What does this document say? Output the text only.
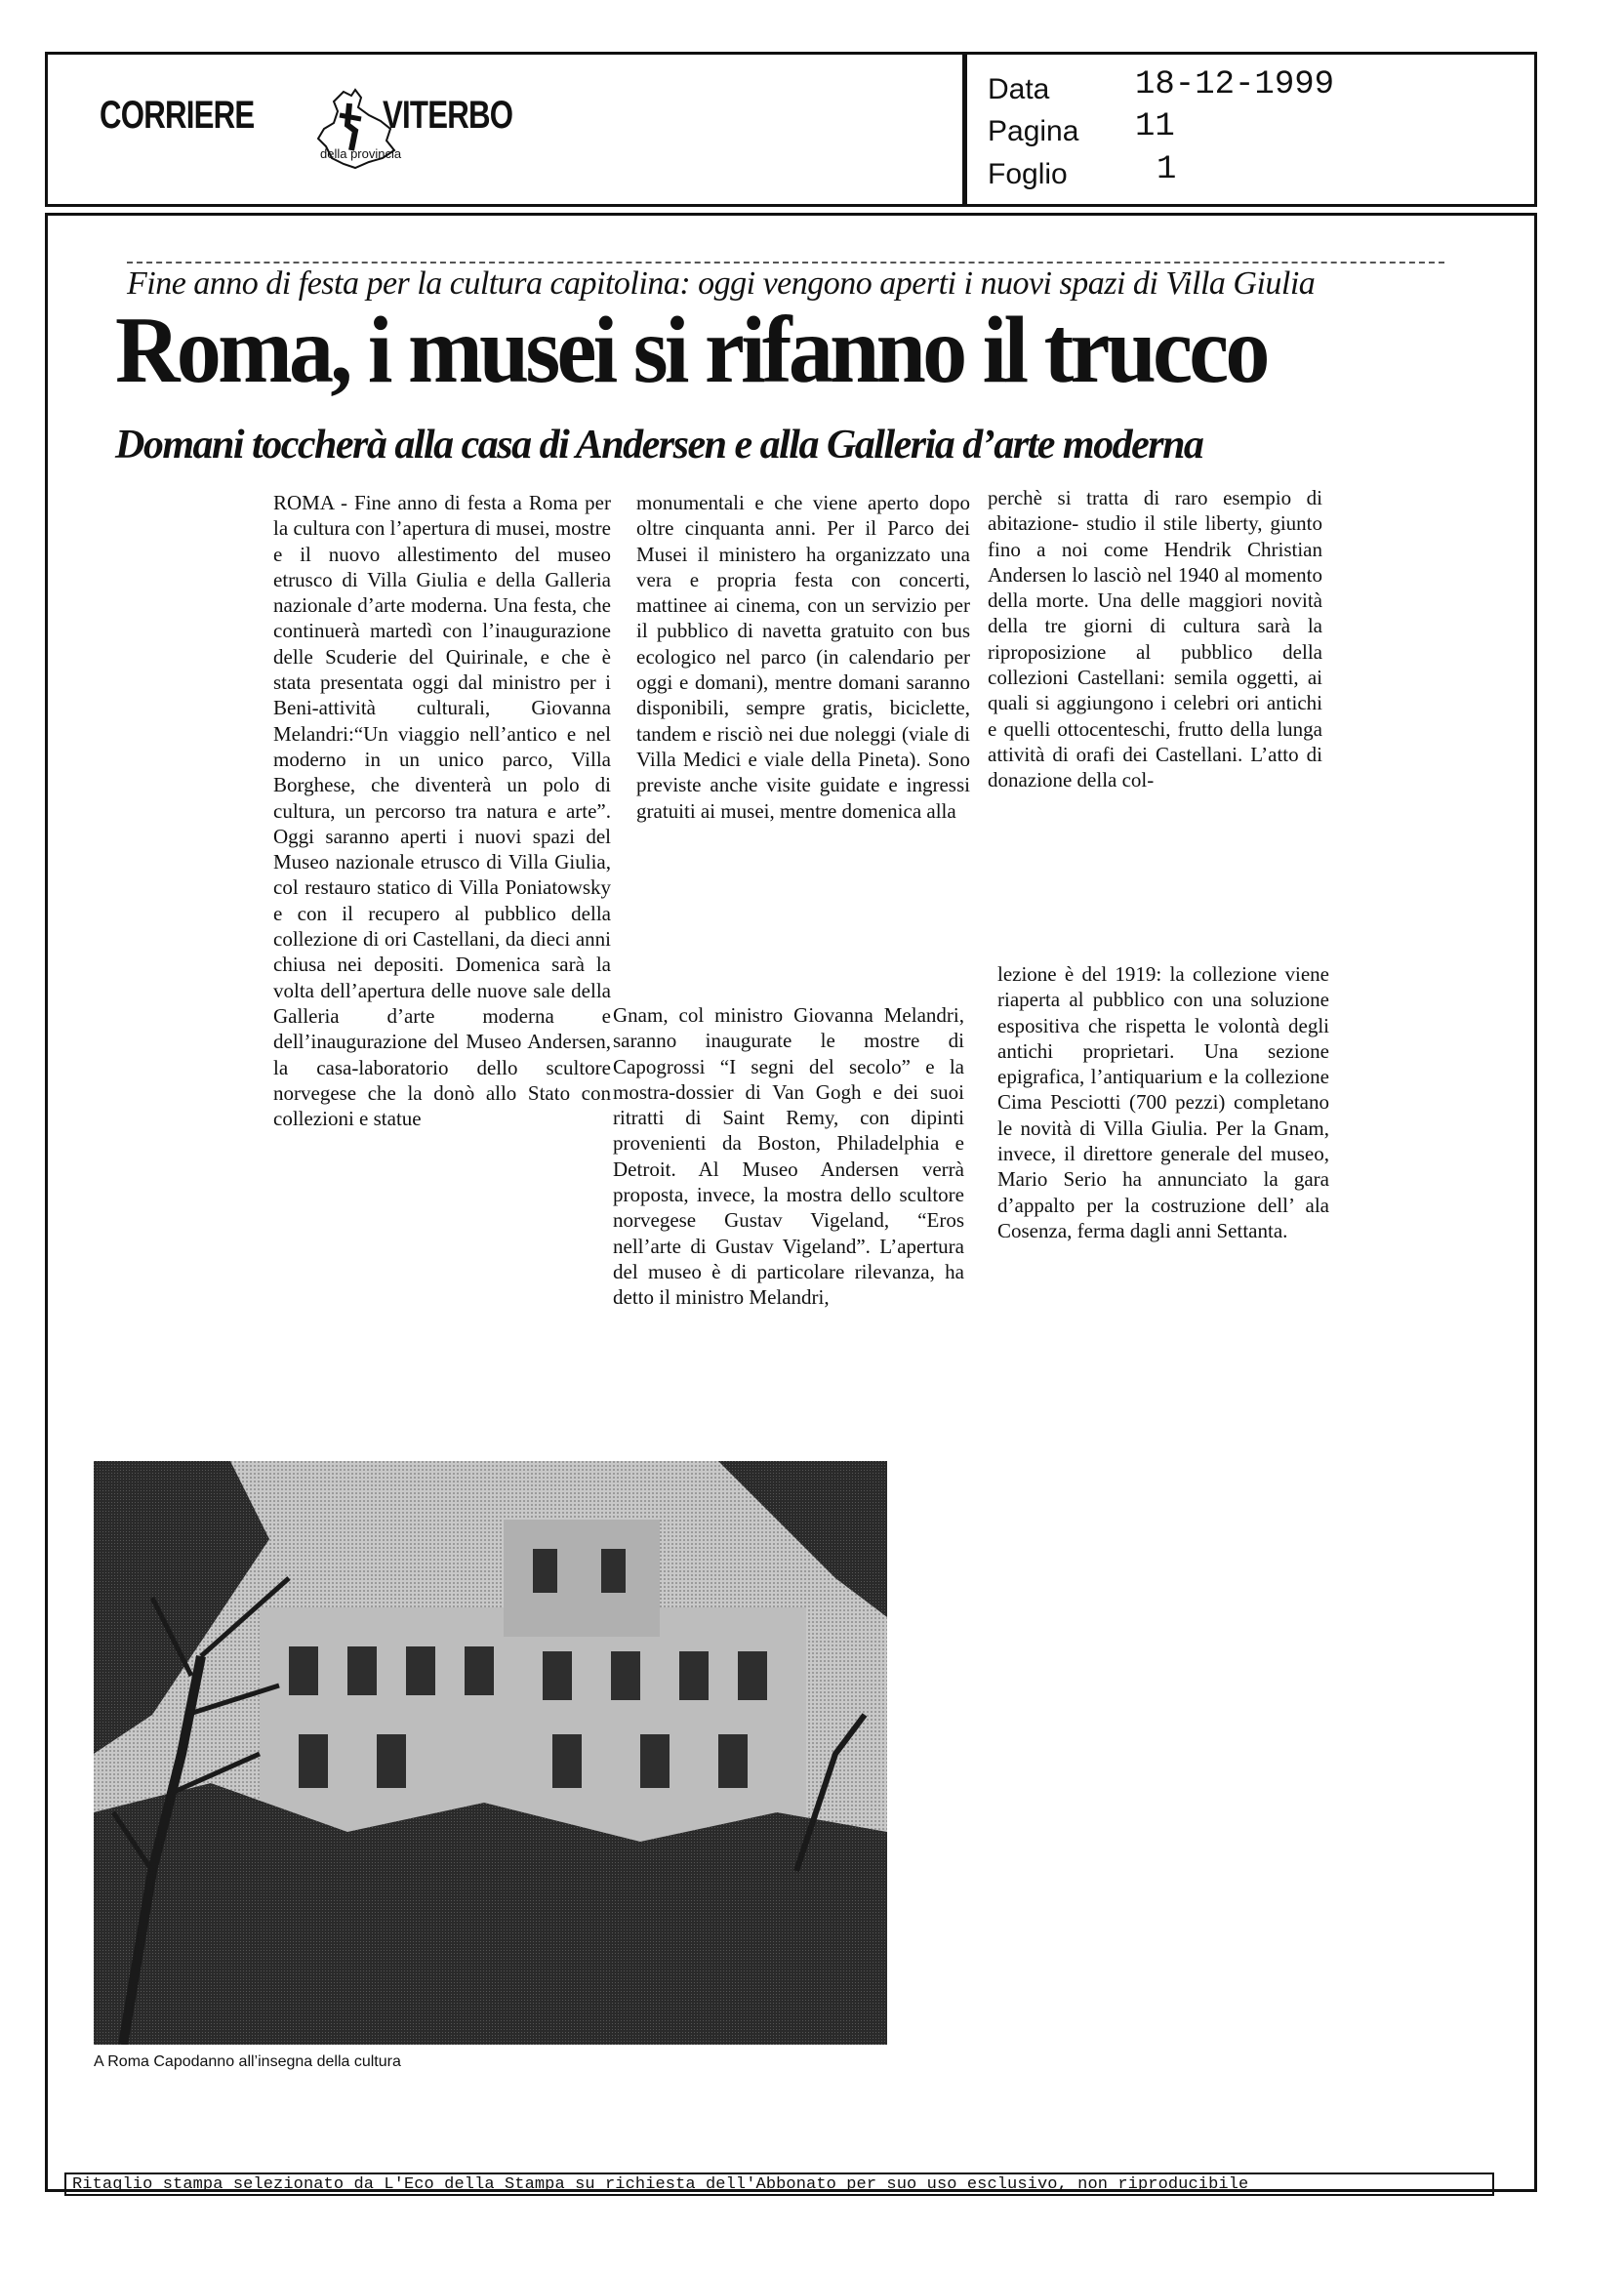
CORRIERE	VITERBO
della provincia
Data	18-12-1999
Pagina 11
Foglio	1
Fine anno di festa per la cultura capitolina: oggi vengono aperti i nuovi spazi di Villa Giulia
Roma, i musei si rifanno il trucco
Domani toccherà alla casa di Andersen e alla Galleria d’arte moderna
ROMA - Fine anno di festa a Roma per la cultura con l’apertura di musei, mostre e il nuovo allestimento del museo etrusco di Villa Giulia e della Galleria nazionale d’arte moderna. Una festa, che continuerà martedì con l’inaugurazione delle Scuderie del Quirinale, e che è stata presentata oggi dal ministro per i Beni-attività culturali, Giovanna Melandri:“Un viaggio nell’antico e nel moderno in un unico parco, Villa Borghese, che diventerà un polo di cultura, un percorso tra natura e arte”. Oggi saranno aperti i nuovi spazi del Museo nazionale etrusco di Villa Giulia, col restauro statico di Villa Poniatowsky e con il recupero al pubblico della collezione di ori Castellani, da dieci anni chiusa nei depositi. Domenica sarà la volta dell’apertura delle nuove sale della Galleria d’arte moderna e dell’inaugurazione del Museo Andersen, la casa-laboratorio dello scultore norvegese che la donò allo Stato con collezioni e statue
monumentali e che viene aperto dopo oltre cinquanta anni. Per il Parco dei Musei il ministero ha organizzato una vera e propria festa con concerti, mattinee ai cinema, con un servizio per il pubblico di navetta gratuito con bus ecologico nel parco (in calendario per oggi e domani), mentre domani saranno disponibili, sempre gratis, biciclette, tandem e risciò nei due noleggi (viale di Villa Medici e viale della Pineta). Sono previste anche visite guidate e ingressi gratuiti ai musei, mentre domenica alla
Gnam, col ministro Giovanna Melandri, saranno inaugurate le mostre di Capogrossi “I segni del secolo” e la mostra-dossier di Van Gogh e dei suoi ritratti di Saint Remy, con dipinti provenienti da Boston, Philadelphia e Detroit. Al Museo Andersen verrà proposta, invece, la mostra dello scultore norvegese Gustav Vigeland, “Eros nell’arte di Gustav Vigeland”. L’apertura del museo è di particolare rilevanza, ha detto il ministro Melandri,
perchè si tratta di raro esempio di abitazione- studio il stile liberty, giunto fino a noi come Hendrik Christian Andersen lo lasciò nel 1940 al momento della morte. Una delle maggiori novità della tre giorni di cultura sarà la riproposizione al pubblico della collezioni Castellani: semila oggetti, ai quali si aggiungono i celebri ori antichi e quelli ottocenteschi, frutto della lunga attività di orafi dei Castellani. L’atto di donazione della col-
lezione è del 1919: la collezione viene riaperta al pubblico con una soluzione espositiva che rispetta le volontà degli antichi proprietari. Una sezione epigrafica, l’antiquarium e la collezione Cima Pesciotti (700 pezzi) completano le novità di Villa Giulia. Per la Gnam, invece, il direttore generale del museo, Mario Serio ha annunciato la gara d’appalto per la costruzione dell’ ala Cosenza, ferma dagli anni Settanta.
A Roma Capodanno all’insegna della cultura
Ritaglio stampa selezionato da L'Eco della Stampa su richiesta dell'Abbonato per suo uso esclusivo, non riproducibile
